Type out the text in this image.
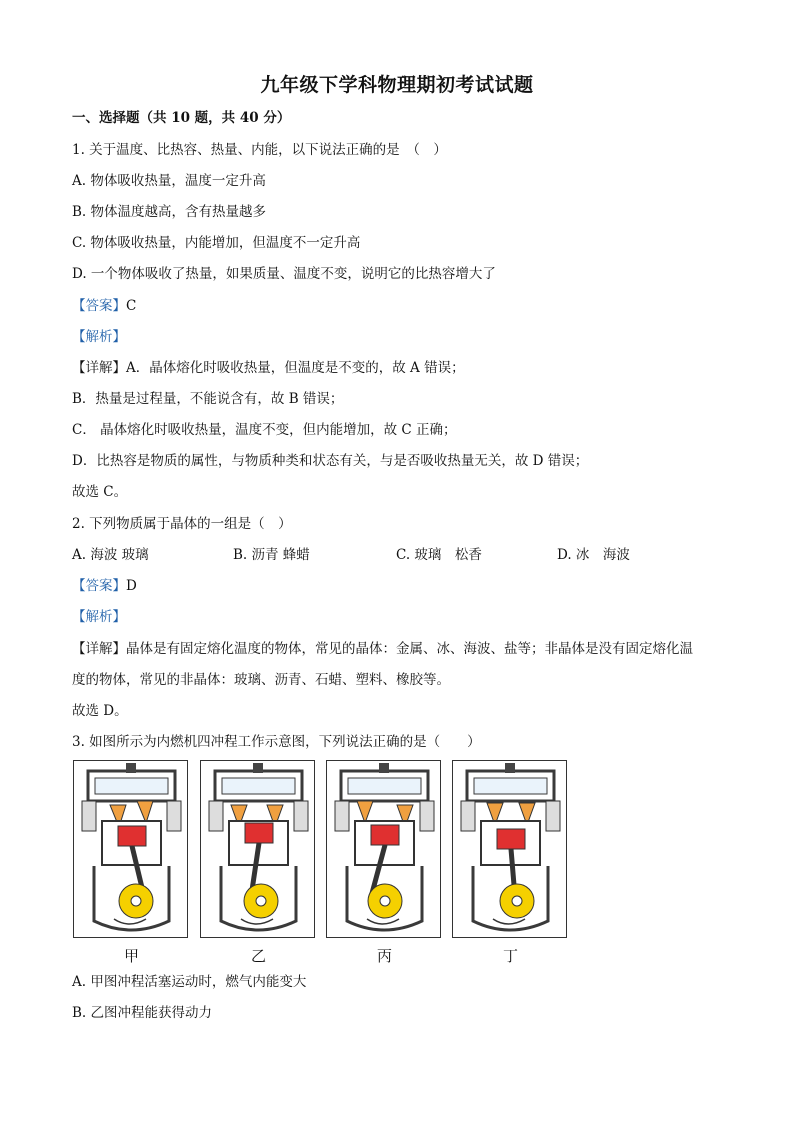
九年级下学科物理期初考试试题
一、选择题（共 10 题，共 40 分）
1. 关于温度、比热容、热量、内能，以下说法正确的是　（　）
A. 物体吸收热量，温度一定升高
B. 物体温度越高，含有热量越多
C. 物体吸收热量，内能增加，但温度不一定升高
D. 一个物体吸收了热量，如果质量、温度不变，说明它的比热容增大了
【答案】C
【解析】
【详解】A．晶体熔化时吸收热量，但温度是不变的，故 A 错误；
B．热量是过程量，不能说含有，故 B 错误；
C． 晶体熔化时吸收热量，温度不变，但内能增加，故 C 正确；
D．比热容是物质的属性，与物质种类和状态有关，与是否吸收热量无关，故 D 错误；
故选 C。
2. 下列物质属于晶体的一组是（　）
A. 海波 玻璃	B. 沥青 蜂蜡	C. 玻璃　松香	D. 冰　海波
【答案】D
【解析】
【详解】晶体是有固定熔化温度的物体，常见的晶体：金属、冰、海波、盐等；非晶体是没有固定熔化温
度的物体，常见的非晶体：玻璃、沥青、石蜡、塑料、橡胶等。
故选 D。
3. 如图所示为内燃机四冲程工作示意图，下列说法正确的是（　　）
甲	乙	丙	丁
A. 甲图冲程活塞运动时，燃气内能变大
B. 乙图冲程能获得动力
